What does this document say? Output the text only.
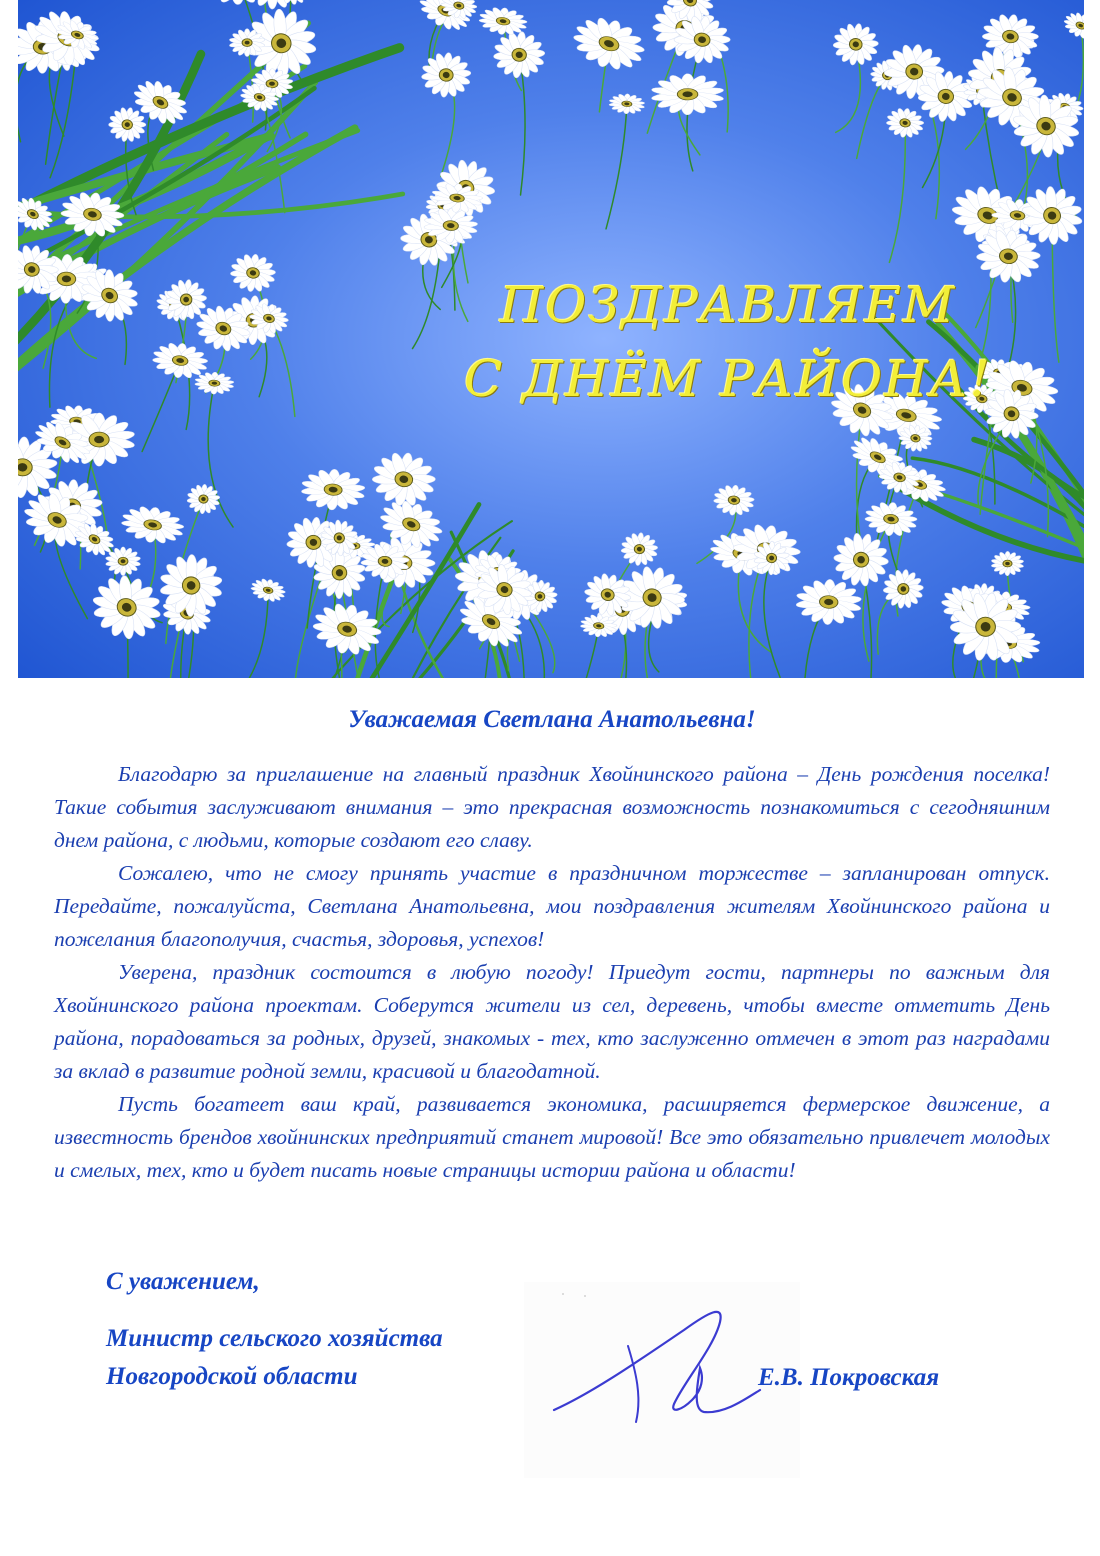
ПОЗДРАВЛЯЕМ
С ДНЁМ РАЙОНА!
Уважаемая Светлана Анатольевна!

Благодарю за приглашение на главный праздник Хвойнинского района – День рождения поселка! Такие события заслуживают внимания – это прекрасная возможность познакомиться с сегодняшним днем района, с людьми, которые создают его славу.

Сожалею, что не смогу принять участие в праздничном торжестве – запланирован отпуск. Передайте, пожалуйста, Светлана Анатольевна, мои поздравления жителям Хвойнинского района и пожелания благополучия, счастья, здоровья, успехов!

Уверена, праздник состоится в любую погоду! Приедут гости, партнеры по важным для Хвойнинского района проектам. Соберутся жители из сел, деревень, чтобы вместе отметить День района, порадоваться за родных, друзей, знакомых - тех, кто заслуженно отмечен в этот раз наградами за вклад в развитие родной земли, красивой и благодатной.

Пусть богатеет ваш край, развивается экономика, расширяется фермерское движение, а известность брендов хвойнинских предприятий станет мировой! Все это обязательно привлечет молодых и смелых, тех, кто и будет писать новые страницы истории района и области!

С уважением,
Министр сельского хозяйства
Новгородской области	Е.В. Покровская
